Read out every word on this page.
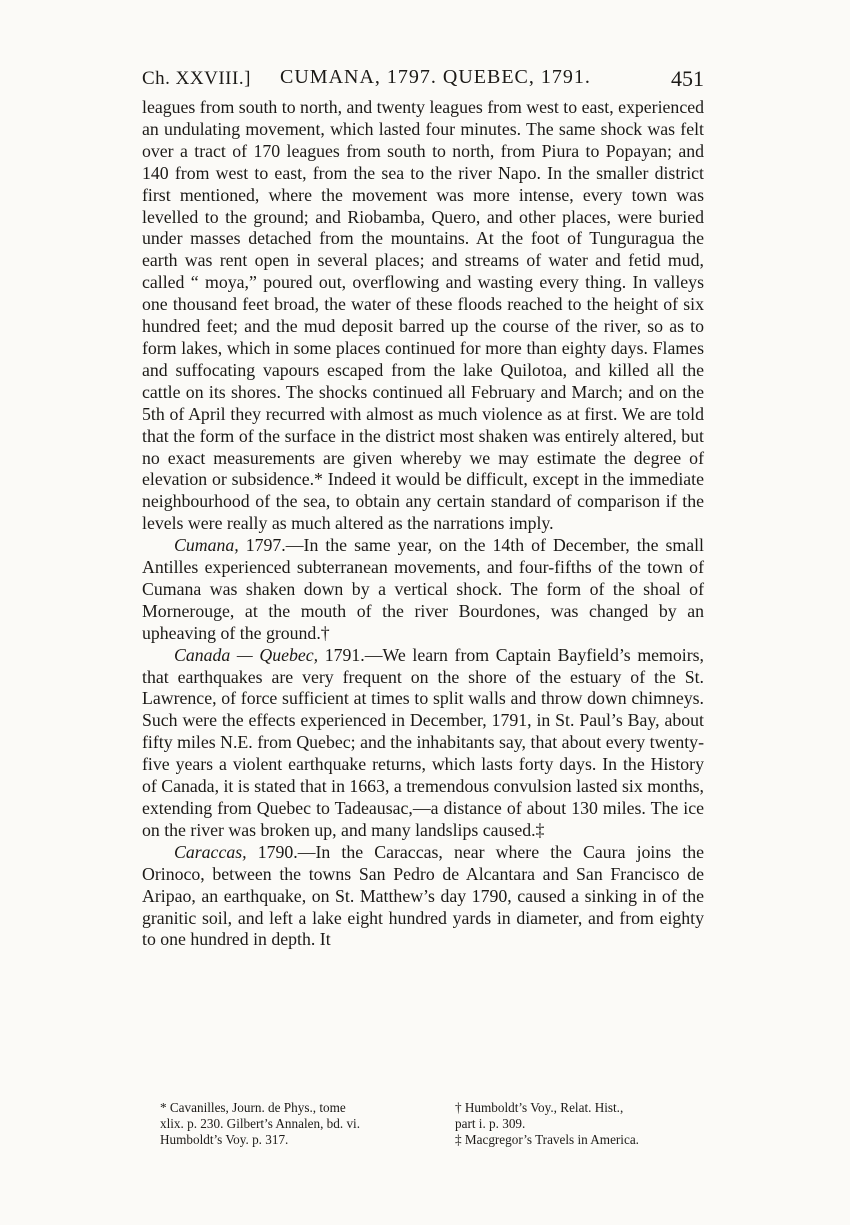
Ch. XXVIII.] CUMANA, 1797. QUEBEC, 1791.	451

leagues from south to north, and twenty leagues from west to east, experienced an undulating movement, which lasted four minutes. The same shock was felt over a tract of 170 leagues from south to north, from Piura to Popayan; and 140 from west to east, from the sea to the river Napo. In the smaller district first mentioned, where the movement was more intense, every town was levelled to the ground; and Riobamba, Quero, and other places, were buried under masses detached from the mountains. At the foot of Tunguragua the earth was rent open in several places; and streams of water and fetid mud, called “ moya,” poured out, overflowing and wasting every thing. In valleys one thousand feet broad, the water of these floods reached to the height of six hundred feet; and the mud deposit barred up the course of the river, so as to form lakes, which in some places continued for more than eighty days. Flames and suffocating vapours escaped from the lake Quilotoa, and killed all the cattle on its shores. The shocks continued all February and March; and on the 5th of April they recurred with almost as much violence as at first. We are told that the form of the surface in the district most shaken was entirely altered, but no exact measurements are given whereby we may estimate the degree of elevation or subsidence.* Indeed it would be difficult, except in the immediate neighbourhood of the sea, to obtain any certain standard of comparison if the levels were really as much altered as the narrations imply.

Cumana, 1797.—In the same year, on the 14th of December, the small Antilles experienced subterranean movements, and four-fifths of the town of Cumana was shaken down by a vertical shock. The form of the shoal of Mornerouge, at the mouth of the river Bourdones, was changed by an upheaving of the ground.†

Canada — Quebec, 1791.—We learn from Captain Bayfield’s memoirs, that earthquakes are very frequent on the shore of the estuary of the St. Lawrence, of force sufficient at times to split walls and throw down chimneys. Such were the effects experienced in December, 1791, in St. Paul’s Bay, about fifty miles N.E. from Quebec; and the inhabitants say, that about every twenty-five years a violent earthquake returns, which lasts forty days. In the History of Canada, it is stated that in 1663, a tremendous convulsion lasted six months, extending from Quebec to Tadeausac,—a distance of about 130 miles. The ice on the river was broken up, and many landslips caused.‡

Caraccas, 1790.—In the Caraccas, near where the Caura joins the Orinoco, between the towns San Pedro de Alcantara and San Francisco de Aripao, an earthquake, on St. Matthew’s day 1790, caused a sinking in of the granitic soil, and left a lake eight hundred yards in diameter, and from eighty to one hundred in depth. It

* Cavanilles, Journ. de Phys., tome

xlix. p. 230. Gilbert’s Annalen, bd. vi.

Humboldt’s Voy. p. 317.

† Humboldt’s Voy., Relat. Hist.,

part i. p. 309.

‡ Macgregor’s Travels in America.
